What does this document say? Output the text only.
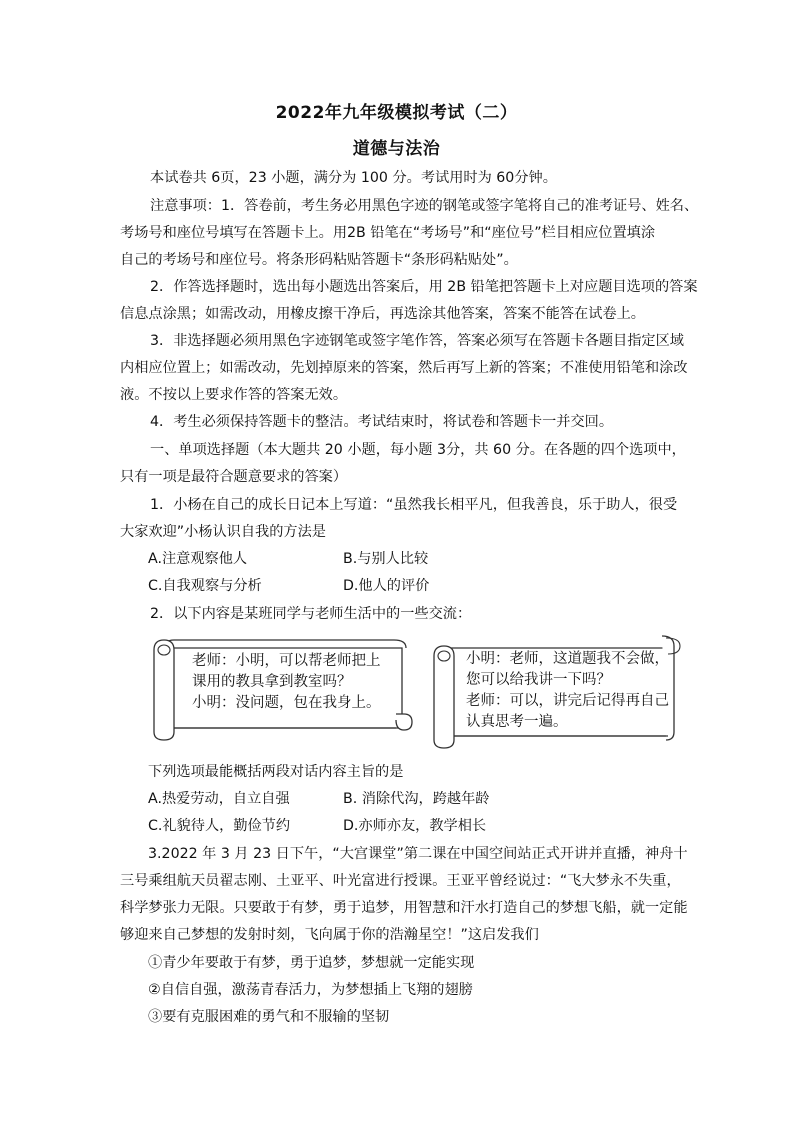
2022年九年级模拟考试（二）
道德与法治
本试卷共 6页，23 小题，满分为 100 分。考试用时为 60分钟。
注意事项：1．答卷前，考生务必用黑色字迹的钢笔或签字笔将自己的准考证号、姓名、
考场号和座位号填写在答题卡上。用2B 铅笔在“考场号”和“座位号”栏目相应位置填涂
自己的考场号和座位号。将条形码粘贴答题卡“条形码粘贴处”。
2．作答选择题时，选出每小题选出答案后，用 2B 铅笔把答题卡上对应题目选项的答案
信息点涂黑；如需改动，用橡皮擦干净后，再选涂其他答案，答案不能答在试卷上。
3．非选择题必须用黑色字迹钢笔或签字笔作答，答案必须写在答题卡各题目指定区域
内相应位置上；如需改动，先划掉原来的答案，然后再写上新的答案；不准使用铅笔和涂改
液。不按以上要求作答的答案无效。
4．考生必须保持答题卡的整洁。考试结束时，将试卷和答题卡一并交回。
一、单项选择题（本大题共 20 小题，每小题 3分，共 60 分。在各题的四个选项中，
只有一项是最符合题意要求的答案）
1．小杨在自己的成长日记本上写道：“虽然我长相平凡，但我善良，乐于助人，很受
大家欢迎”小杨认识自我的方法是
A.注意观察他人	B.与别人比较
C.自我观察与分析	D.他人的评价
2．以下内容是某班同学与老师生活中的一些交流：
老师：小明，可以帮老师把上
课用的教具拿到教室吗？
小明：没问题，包在我身上。
小明：老师，这道题我不会做，
您可以给我讲一下吗？
老师：可以，讲完后记得再自己
认真思考一遍。
下列选项最能概括两段对话内容主旨的是
A.热爱劳动，自立自强	B. 消除代沟，跨越年龄
C.礼貌待人，勤俭节约	D.亦师亦友，教学相长
3.2022 年 3 月 23 日下午，“大宫课堂”第二课在中国空间站正式开讲并直播，神舟十
三号乘组航天员翟志刚、土亚平、叶光富进行授课。王亚平曾经说过：“飞大梦永不失重，
科学梦张力无限。只要敢于有梦，勇于追梦，用智慧和汗水打造自己的梦想飞船，就一定能
够迎来自己梦想的发射时刻，飞向属于你的浩瀚星空！”这启发我们
①青少年要敢于有梦，勇于追梦，梦想就一定能实现
②自信自强，激荡青春活力，为梦想插上飞翔的翅膀
③要有克服困难的勇气和不服输的坚韧
